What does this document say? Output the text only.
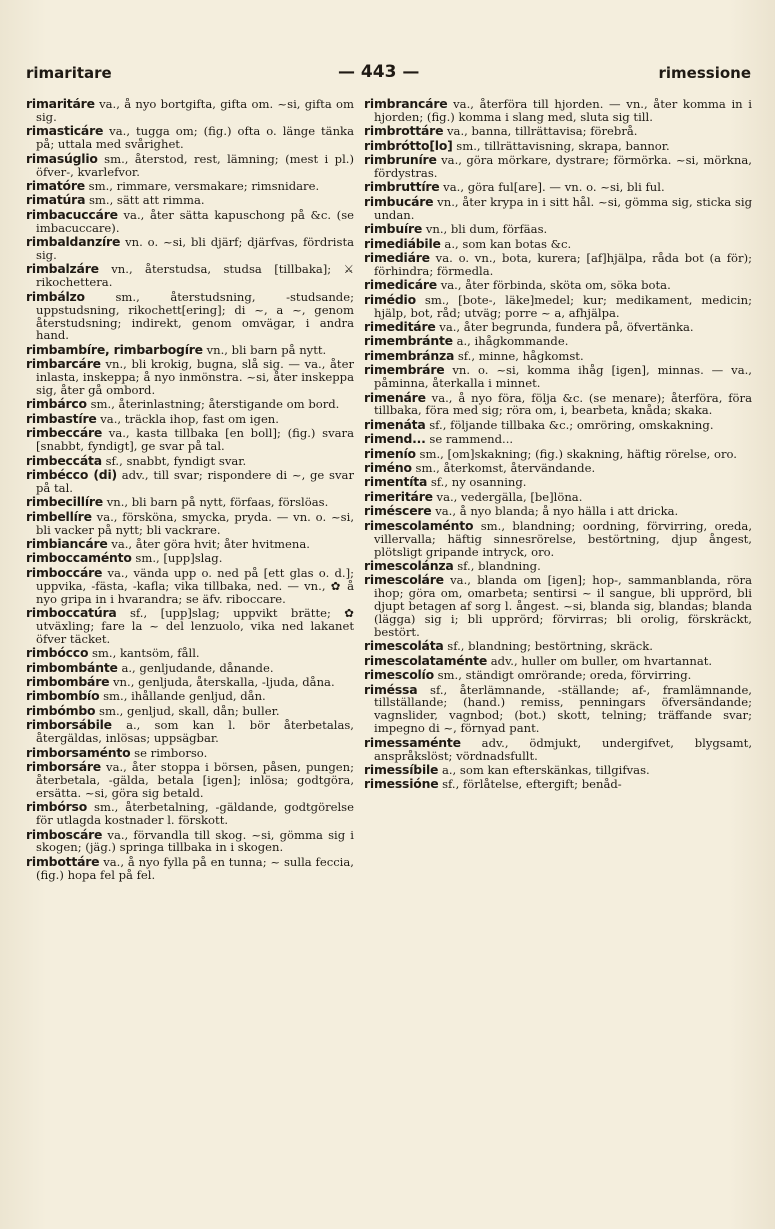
rimaritare	— 443 —	rimessione

rimaritáre va., å nyo bortgifta, gifta om. ~si, gifta om sig.

rimasticáre va., tugga om; (fig.) ofta o. länge tänka på; uttala med svårighet.

rimasúglio sm., återstod, rest, lämning; (mest i pl.) öfver-, kvarlefvor.

rimatóre sm., rimmare, versmakare; rimsnidare.

rimatúra sm., sätt att rimma.

rimbacuccáre va., åter sätta kapuschong på &c. (se imbacuccare).

rimbaldanzíre vn. o. ~si, bli djärf; djärfvas, fördrista sig.

rimbalzáre vn., återstudsa, studsa [tillbaka]; ⚔ rikochettera.

rimbálzo	sm., återstudsning, -studsande; uppstudsning, rikochett[ering]; di ~, a ~, genom återstudsning; indirekt, genom omvägar, i andra hand.

rimbambíre, rimbarbogíre vn., bli barn på nytt.

rimbarcáre vn., bli krokig, bugna, slå sig. — va., åter inlasta, inskeppa; å nyo inmönstra. ~si, åter inskeppa sig, åter gå ombord.

rimbárco sm., återinlastning; återstigande om bord.

rimbastíre va., träckla ihop, fast om igen.

rimbeccáre va., kasta tillbaka [en boll]; (fig.) svara [snabbt, fyndigt], ge svar på tal.

rimbeccáta sf., snabbt, fyndigt svar.

rimbécco (di) adv., till svar; rispondere di ~, ge svar på tal.

rimbecillíre vn., bli barn på nytt, förfaas, förslöas.

rimbellíre va., försköna, smycka, pryda. — vn. o. ~si, bli vacker på nytt; bli vackrare.

rimbiancáre va., åter göra hvit; åter hvitmena.

rimboccaménto sm., [upp]slag.

rimboccáre va., vända upp o. ned på [ett glas o. d.]; uppvika, -fästa, -kafla; vika tillbaka, ned. — vn., ✿ å nyo gripa in i hvarandra; se äfv. riboccare.

rimboccatúra sf., [upp]slag; uppvikt brätte; ✿ utväxling; fare la ~ del lenzuolo, vika ned lakanet öfver täcket.

rimbócco sm., kantsöm, fåll.

rimbombánte a., genljudande, dånande.

rimbombáre vn., genljuda, återskalla, -ljuda, dåna.

rimbombío sm., ihållande genljud, dån.

rimbómbo sm., genljud, skall, dån; buller.

rimborsábile a., som kan l. bör återbetalas, återgäldas, inlösas; uppsägbar.

rimborsaménto se rimborso.

rimborsáre va., åter stoppa i börsen, påsen, pungen; återbetala, -gälda, betala [igen]; inlösa; godtgöra, ersätta. ~si, göra sig betald.

rimbórso sm., återbetalning, -gäldande, godtgörelse för utlagda kostnader l. förskott.

rimboscáre va., förvandla till skog. ~si, gömma sig i skogen; (jäg.) springa tillbaka in i skogen.

rimbottáre va., å nyo fylla på en tunna; ~ sulla feccia, (fig.) hopa fel på fel.

rimbrancáre va., återföra till hjorden. — vn., åter komma in i hjorden; (fig.) komma i slang med, sluta sig till.

rimbrottáre va., banna, tillrättavisa; förebrå.

rimbrótto[lo] sm., tillrättavisning, skrapa, bannor.

rimbruníre va., göra mörkare, dystrare; förmörka. ~si, mörkna, fördystras.

rimbruttíre va., göra ful[are]. — vn. o. ~si, bli ful.

rimbucáre vn., åter krypa in i sitt hål. ~si, gömma sig, sticka sig undan.

rimbuíre vn., bli dum, förfäas.

rimediábile a., som kan botas &c.

rimediáre va. o. vn., bota, kurera; [af]hjälpa, råda bot (a för); förhindra; förmedla.

rimedicáre va., åter förbinda, sköta om, söka bota.

rimédio sm., [bote-, läke]medel; kur; medikament, medicin; hjälp, bot, råd; utväg; porre ~ a, afhjälpa.

rimeditáre va., åter begrunda, fundera på, öfvertänka.

rimembránte a., ihågkommande.

rimembránza sf., minne, hågkomst.

rimembráre vn. o. ~si, komma ihåg [igen], minnas. — va., påminna, återkalla i minnet.

rimenáre va., å nyo föra, följa &c. (se menare); återföra, föra tillbaka, föra med sig; röra om, i, bearbeta, knåda; skaka.

rimenáta sf., följande tillbaka &c.; omröring, omskakning.

rimend... se rammend...

rimenío sm., [om]skakning; (fig.) skakning, häftig rörelse, oro.

riméno sm., återkomst, återvändande.

rimentíta sf., ny osanning.

rimeritáre va., vedergälla, [be]löna.

riméscere va., å nyo blanda; å nyo hälla i att dricka.

rimescolaménto sm., blandning; oordning, förvirring, oreda, villervalla; häftig sinnesrörelse, bestörtning, djup ångest, plötsligt gripande intryck, oro.

rimescolánza sf., blandning.

rimescoláre va., blanda om [igen]; hop-, sammanblanda, röra ihop; göra om, omarbeta; sentirsi ~ il sangue, bli upprörd, bli djupt betagen af sorg l. ångest. ~si, blanda sig, blandas; blanda (lägga) sig i; bli upprörd; förvirras; bli orolig, förskräckt, bestört.

rimescoláta sf., blandning; bestörtning, skräck.

rimescolataménte adv., huller om buller, om hvartannat.

rimescolío sm., ständigt omrörande; oreda, förvirring.

riméssa sf., återlämnande, -ställande; af-, framlämnande, tillställande; (hand.) remiss, penningars öfversändande; vagnslider, vagnbod; (bot.) skott, telning; träffande svar; impegno di ~, förnyad pant.

rimessaménte adv., ödmjukt, undergifvet, blygsamt, anspråkslöst; vördnadsfullt.

rimessíbile a., som kan efterskänkas, tillgifvas.

rimessióne sf., förlåtelse, eftergift; benåd-
